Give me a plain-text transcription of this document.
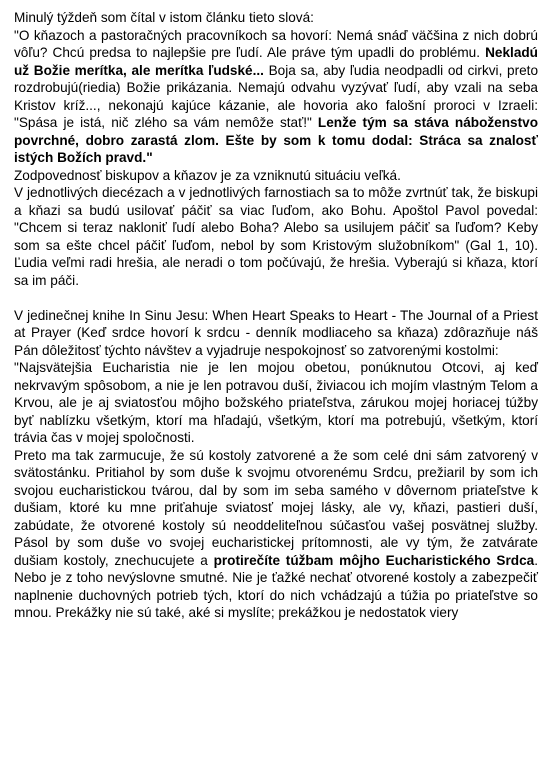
Minulý týždeň som čítal v istom článku tieto slová:

"O kňazoch a pastoračných pracovníkoch sa hovorí: Nemá snáď väčšina z nich dobrú vôľu? Chcú predsa to najlepšie pre ľudí. Ale práve tým upadli do problému. Nekladú už Božie merítka, ale merítka ľudské... Boja sa, aby ľudia neodpadli od cirkvi, preto rozdrobujú(riedia) Božie prikázania. Nemajú odvahu vyzývať ľudí, aby vzali na seba Kristov kríž..., nekonajú kajúce kázanie, ale hovoria ako falošní proroci v Izraeli: "Spása je istá, nič zlého sa vám nemôže stať!" Lenže tým sa stáva náboženstvo povrchné, dobro zarastá zlom. Ešte by som k tomu dodal: Strácа sa znalosť istých Božích pravd."

Zodpovednosť biskupov a kňazov je za vzniknutú situáciu veľká.

V jednotlivých diecézach a v jednotlivých farnostiach sa to môže zvrtnúť tak, že biskupi a kňazi sa budú usilovať páčiť sa viac ľuďom, ako Bohu. Apoštol Pavol povedal: "Chcem si teraz nakloniť ľudí alebo Boha? Alebo sa usilujem páčiť sa ľuďom? Keby som sa ešte chcel páčiť ľuďom, nebol by som Kristovým služobníkom" (Gal 1, 10). Ľudia veľmi radi hrešia, ale neradi o tom počúvajú, že hrešia. Vyberajú si kňaza, ktorí sa im páči.

V jedinečnej knihe In Sinu Jesu: When Heart Speaks to Heart - The Journal of a Priest at Prayer (Keď srdce hovorí k srdcu - denník modliaceho sa kňaza) zdôrazňuje náš Pán dôležitosť týchto návštev a vyjadruje nespokojnosť so zatvorenými kostolmi:

"Najsvätejšia Eucharistia nie je len mojou obetou, ponúknutou Otcovi, aj keď nekrvavým spôsobom, a nie je len potravou duší, živiacou ich mojím vlastným Telom a Krvou, ale je aj sviatosťou môjho božského priateľstva, zárukou mojej horiacej túžby byť nablízku všetkým, ktorí ma hľadajú, všetkým, ktorí ma potrebujú, všetkým, ktorí trávia čas v mojej spoločnosti.

Preto ma tak zarmucuje, že sú kostoly zatvorené a že som celé dni sám zatvorený v svätostánku. Pritiahol by som duše k svojmu otvorenému Srdcu, prežiaril by som ich svojou eucharistickou tvárou, dal by som im seba samého v dôvernom priateľstve k dušiam, ktoré ku mne priťahuje sviatosť mojej lásky, ale vy, kňazi, pastieri duší, zabúdate, že otvorené kostoly sú neoddeliteľnou súčasťou vašej posvätnej služby. Pásol by som duše vo svojej eucharistickej prítomnosti, ale vy tým, že zatvárate dušiam kostoly, znechucujete a protirečíte túžbam môjho Eucharistického Srdca. Nebo je z toho nevýslovne smutné. Nie je ťažké nechať otvorené kostoly a zabezpečiť naplnenie duchovných potrieb tých, ktorí do nich vchádzajú a túžia po priateľstve so mnou. Prekážky nie sú také, aké si myslíte; prekážkou je nedostatok viery
